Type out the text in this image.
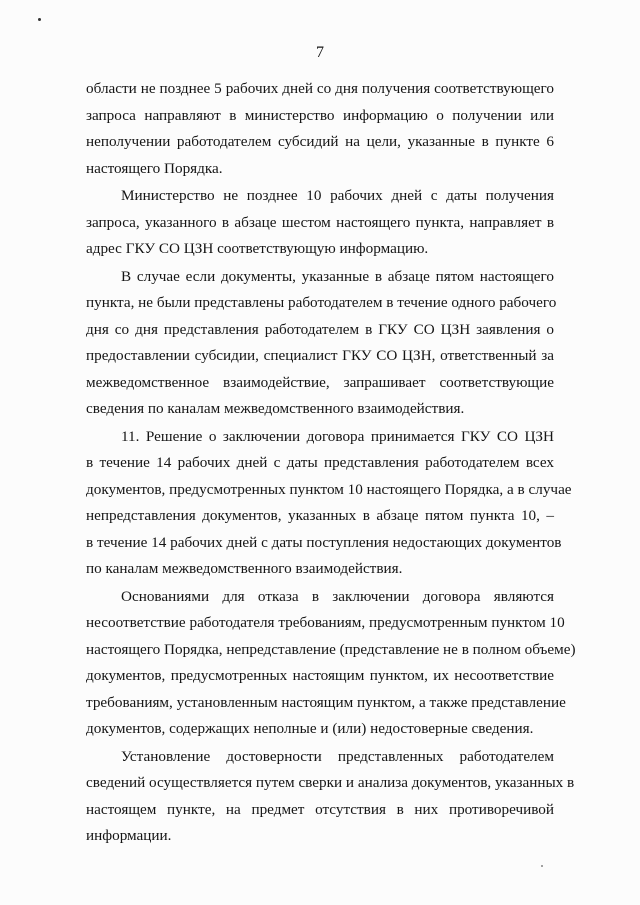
7
области не позднее 5 рабочих дней со дня получения соответствующего
запроса направляют в министерство информацию о получении или
неполучении работодателем субсидий на цели, указанные в пункте 6
настоящего Порядка.
Министерство не позднее 10 рабочих дней с даты получения
запроса, указанного в абзаце шестом настоящего пункта, направляет в
адрес ГКУ СО ЦЗН соответствующую информацию.
В случае если документы, указанные в абзаце пятом настоящего
пункта, не были представлены работодателем в течение одного рабочего
дня со дня представления работодателем в ГКУ СО ЦЗН заявления о
предоставлении субсидии, специалист ГКУ СО ЦЗН, ответственный за
межведомственное взаимодействие, запрашивает соответствующие
сведения по каналам межведомственного взаимодействия.
11. Решение о заключении договора принимается ГКУ СО ЦЗН
в течение 14 рабочих дней с даты представления работодателем всех
документов, предусмотренных пунктом 10 настоящего Порядка, а в случае
непредставления документов, указанных в абзаце пятом пункта 10, –
в течение 14 рабочих дней с даты поступления недостающих документов
по каналам межведомственного взаимодействия.
Основаниями для отказа в заключении договора являются
несоответствие работодателя требованиям, предусмотренным пунктом 10
настоящего Порядка, непредставление (представление не в полном объеме)
документов, предусмотренных настоящим пунктом, их несоответствие
требованиям, установленным настоящим пунктом, а также представление
документов, содержащих неполные и (или) недостоверные сведения.
Установление достоверности представленных работодателем
сведений осуществляется путем сверки и анализа документов, указанных в
настоящем пункте, на предмет отсутствия в них противоречивой
информации.
